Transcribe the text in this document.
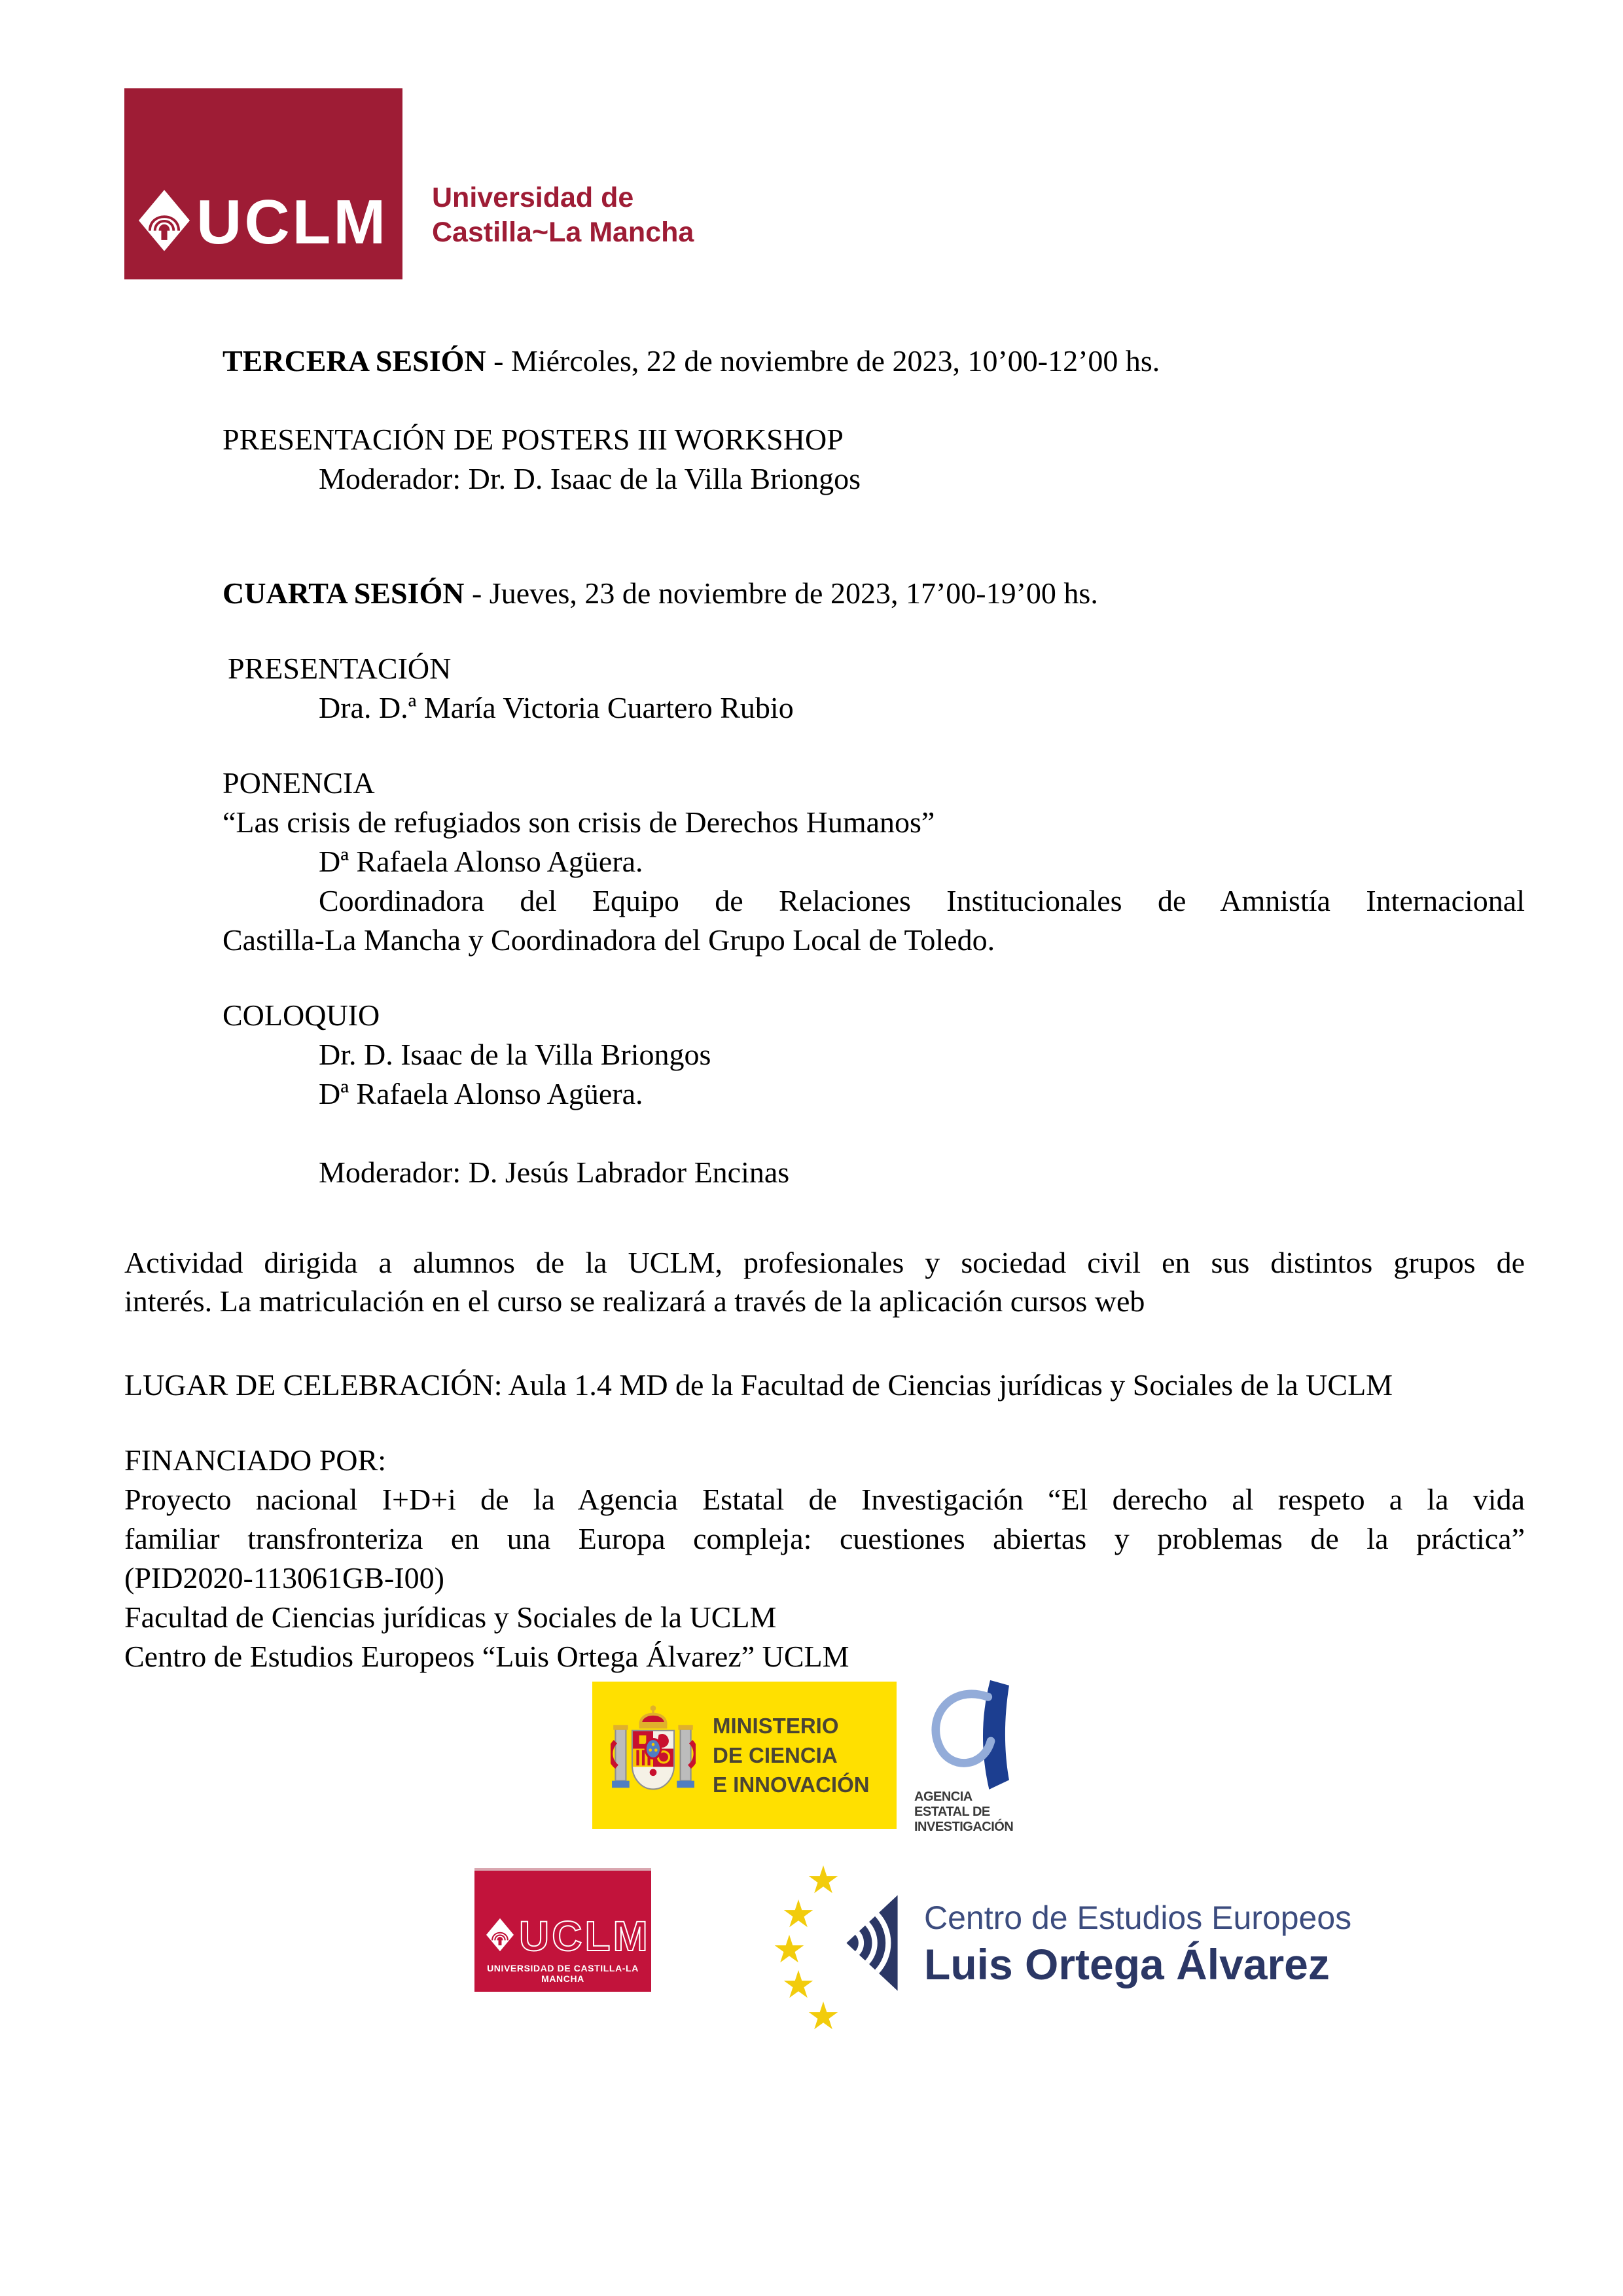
UCLM Universidad de
Castilla~La Mancha
TERCERA SESIÓN - Miércoles, 22 de noviembre de 2023, 10’00-12’00 hs.
PRESENTACIÓN DE POSTERS III WORKSHOP
Moderador: Dr. D. Isaac de la Villa Briongos
CUARTA SESIÓN - Jueves, 23 de noviembre de 2023, 17’00-19’00 hs.
PRESENTACIÓN
Dra. D.ª María Victoria Cuartero Rubio
PONENCIA
“Las crisis de refugiados son crisis de Derechos Humanos”
Dª Rafaela Alonso Agüera.
Coordinadora del Equipo de Relaciones Institucionales de Amnistía Internacional
Castilla-La Mancha y Coordinadora del Grupo Local de Toledo.
COLOQUIO
Dr. D. Isaac de la Villa Briongos
Dª Rafaela Alonso Agüera.
Moderador: D. Jesús Labrador Encinas
Actividad dirigida a alumnos de la UCLM, profesionales y sociedad civil en sus distintos grupos de
interés. La matriculación en el curso se realizará a través de la aplicación cursos web
LUGAR DE CELEBRACIÓN: Aula 1.4 MD de la Facultad de Ciencias jurídicas y Sociales de la UCLM
FINANCIADO POR:
Proyecto nacional I+D+i de la Agencia Estatal de Investigación “El derecho al respeto a la vida
familiar transfronteriza en una Europa compleja: cuestiones abiertas y problemas de la práctica”
(PID2020-113061GB-I00)
Facultad de Ciencias jurídicas y Sociales de la UCLM
Centro de Estudios Europeos “Luis Ortega Álvarez” UCLM
MINISTERIO
DE CIENCIA
E INNOVACIÓN	AGENCIA
ESTATAL DE
INVESTIGACIÓN
UCLM
UNIVERSIDAD DE CASTILLA-LA MANCHA
★
★
★
★
★
Centro de Estudios Europeos
Luis Ortega Álvarez
